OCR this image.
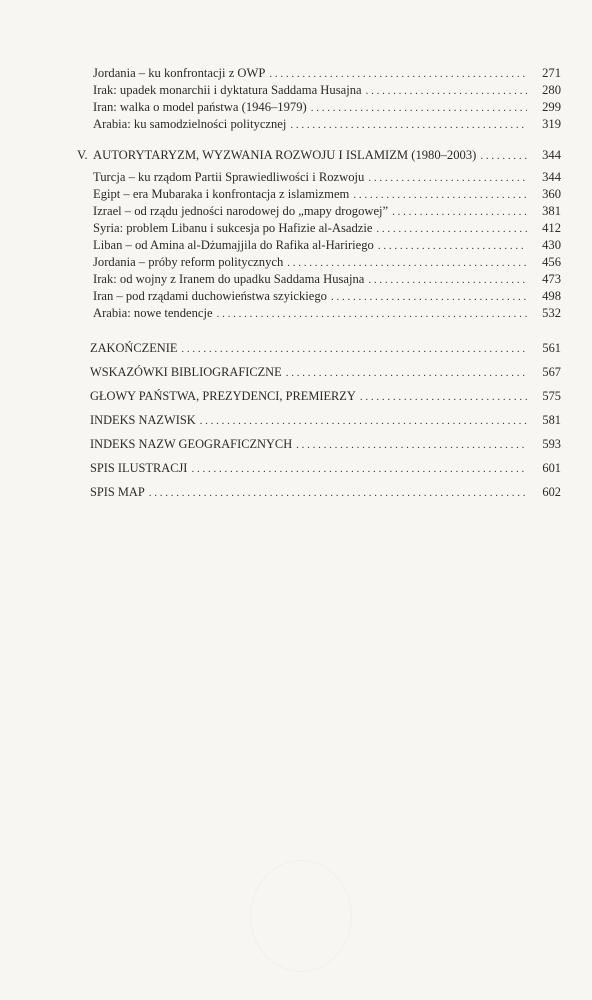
Jordania – ku konfrontacji z OWP . . .	271
Irak: upadek monarchii i dyktatura Saddama Husajna . . .	280
Iran: walka o model państwa (1946–1979) . . .	299
Arabia: ku samodzielności politycznej . . .	319
V. AUTORYTARYZM, WYZWANIA ROZWOJU I ISLAMIZM (1980–2003) . . .	344
Turcja – ku rządom Partii Sprawiedliwości i Rozwoju . . .	344
Egipt – era Mubaraka i konfrontacja z islamizmem . . .	360
Izrael – od rządu jedności narodowej do „mapy drogowej” . . .	381
Syria: problem Libanu i sukcesja po Hafizie al-Asadzie . . .	412
Liban – od Amina al-Dżumajjila do Rafika al-Haririego . . .	430
Jordania – próby reform politycznych . . .	456
Irak: od wojny z Iranem do upadku Saddama Husajna . . .	473
Iran – pod rządami duchowieństwa szyickiego . . .	498
Arabia: nowe tendencje . . .	532
ZAKOŃCZENIE . . .	561
WSKAZÓWKI BIBLIOGRAFICZNE . . .	567
GŁOWY PAŃSTWA, PREZYDENCI, PREMIERZY . . .	575
INDEKS NAZWISK . . .	581
INDEKS NAZW GEOGRAFICZNYCH . . .	593
SPIS ILUSTRACJI . . .	601
SPIS MAP . . .	602
